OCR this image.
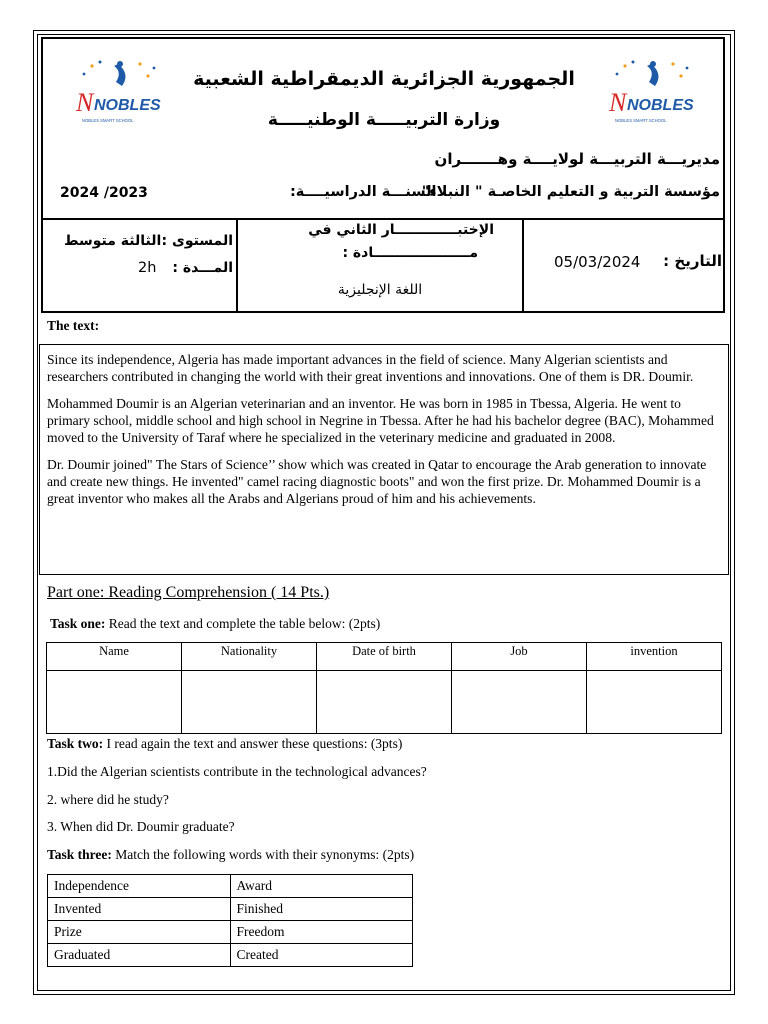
N NOBLES
NOBLES SMART SCHOOL
N NOBLES
NOBLES SMART SCHOOL
الجمهورية الجزائرية الديمقراطية الشعبية
وزارة التربيـــــة الوطنيـــــة
مديريـــة التربيـــة لولايــــة وهـــــــران
مؤسسة التربية و التعليم الخاصـة " النبلاء"
السنـــة الدراسيــــة:
2024 /2023
المستوى :
الثالثة متوسط
المـــدة :
2h
الإختبـــــــــــــار الثاني في
مــــــــــــــــــــادة :
اللغة الإنجليزية
التاريخ :
05/03/2024
The text:

Since its independence, Algeria has made important advances in the field of science. Many Algerian scientists and researchers contributed in changing the world with their great inventions and innovations. One of them is DR. Doumir.

Mohammed Doumir is an Algerian veterinarian and an inventor. He was born in 1985 in Tbessa, Algeria. He went to primary school, middle school and high school in Negrine in Tbessa. After he had his bachelor degree (BAC), Mohammed moved to the University of Taraf where he specialized in the veterinary medicine and graduated in 2008.

Dr. Doumir joined" The Stars of Science’’ show which was created in Qatar to encourage the Arab generation to innovate and create new things. He invented" camel racing diagnostic boots" and won the first prize. Dr. Mohammed Doumir is a great inventor who makes all the Arabs and Algerians proud of him and his achievements.

Part one: Reading Comprehension ( 14 Pts.)
Task one: Read the text and complete the table below: (2pts)
Name	Nationality	Date of birth	Job	invention

Task two: I read again the text and answer these questions: (3pts)
1.Did the Algerian scientists contribute in the technological advances?
2. where did he study?
3. When did Dr. Doumir graduate?
Task three: Match the following words with their synonyms: (2pts)
Independence	Award
Invented	Finished
Prize	Freedom
Graduated	Created
